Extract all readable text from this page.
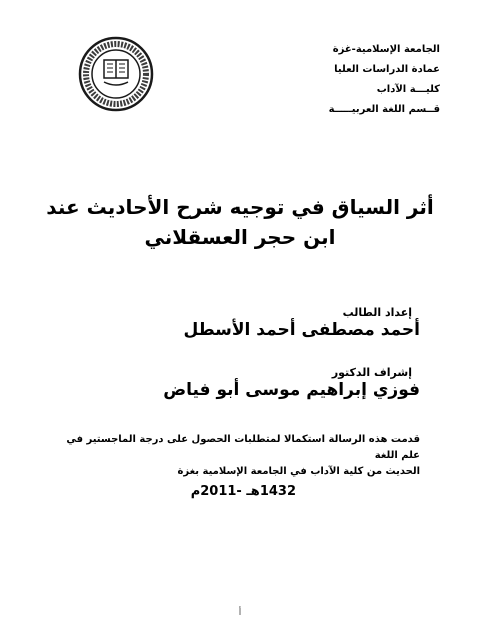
الجامعة الإسلامية-غزة
عمادة الدراسات العليا
كليـــة الآداب
قــسم اللغة العربيـــــة
أثر السياق في توجيه شرح الأحاديث عند
ابن حجر العسقلاني
إعداد الطالب
أحمد مصطفى أحمد الأسطل
إشراف الدكتور
فوزي إبراهيم موسى أبو فياض
قدمت هذه الرسالة استكمالا لمتطلبات الحصول على درجة الماجستير في علم اللغة
الحديث من كلية الآداب في الجامعة الإسلامية بغزة
1432هـ -2011م
أ
